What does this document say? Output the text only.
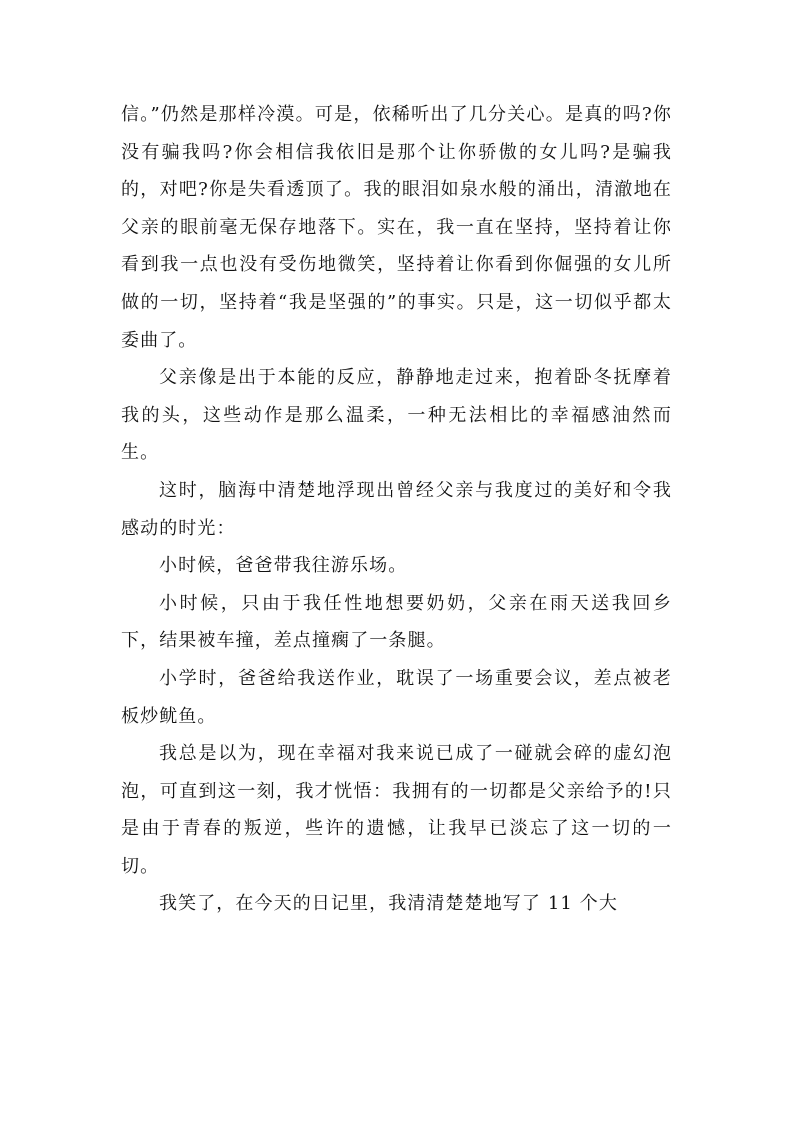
信。”仍然是那样冷漠。可是，依稀听出了几分关心。是真的吗?你没有骗我吗?你会相信我依旧是那个让你骄傲的女儿吗?是骗我的，对吧?你是失看透顶了。我的眼泪如泉水般的涌出，清澈地在父亲的眼前毫无保存地落下。实在，我一直在坚持，坚持着让你看到我一点也没有受伤地微笑，坚持着让你看到你倔强的女儿所做的一切，坚持着“我是坚强的”的事实。只是，这一切似乎都太委曲了。

父亲像是出于本能的反应，静静地走过来，抱着卧冬抚摩着我的头，这些动作是那么温柔，一种无法相比的幸福感油然而生。

这时，脑海中清楚地浮现出曾经父亲与我度过的美好和令我感动的时光：

小时候，爸爸带我往游乐场。

小时候，只由于我任性地想要奶奶，父亲在雨天送我回乡下，结果被车撞，差点撞瘸了一条腿。

小学时，爸爸给我送作业，耽误了一场重要会议，差点被老板炒鱿鱼。

我总是以为，现在幸福对我来说已成了一碰就会碎的虚幻泡泡，可直到这一刻，我才恍悟：我拥有的一切都是父亲给予的!只是由于青春的叛逆，些许的遗憾，让我早已淡忘了这一切的一切。

我笑了，在今天的日记里，我清清楚楚地写了 11 个大
